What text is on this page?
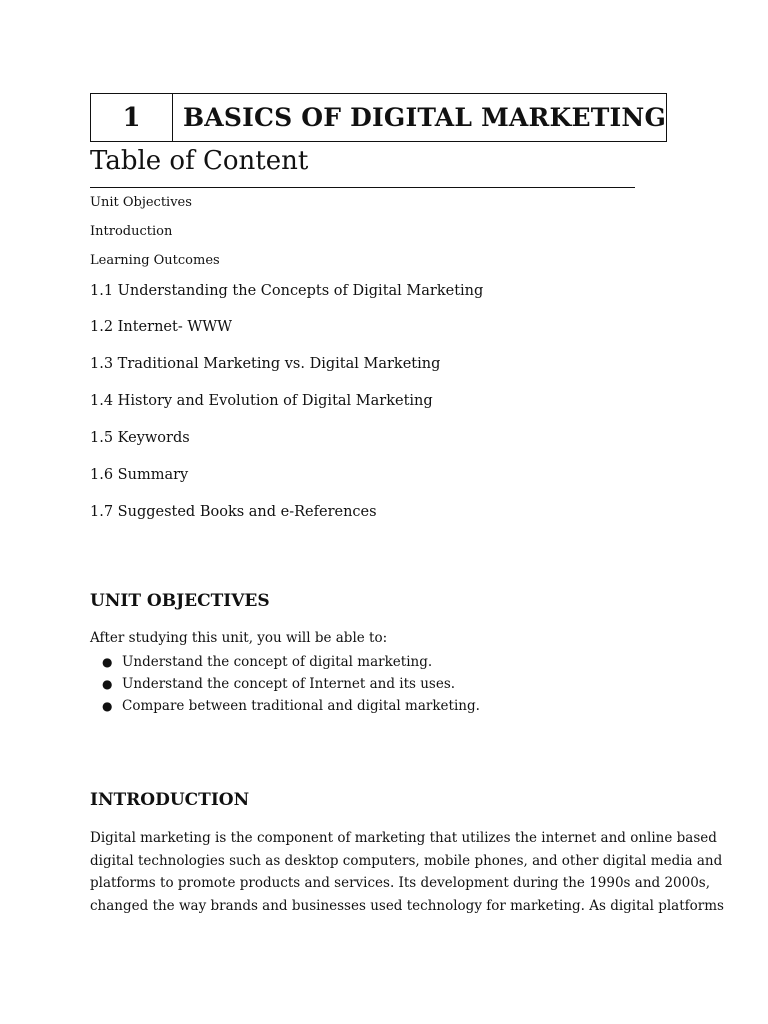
1	BASICS OF DIGITAL MARKETING
Table of Content
Unit Objectives
Introduction
Learning Outcomes
1.1 Understanding the Concepts of Digital Marketing
1.2 Internet- WWW
1.3 Traditional Marketing vs. Digital Marketing
1.4 History and Evolution of Digital Marketing
1.5 Keywords
1.6 Summary
1.7 Suggested Books and e-References
UNIT OBJECTIVES
After studying this unit, you will be able to:
● Understand the concept of digital marketing.
● Understand the concept of Internet and its uses.
● Compare between traditional and digital marketing.
INTRODUCTION
Digital marketing is the component of marketing that utilizes the internet and online based
digital technologies such as desktop computers, mobile phones, and other digital media and
platforms to promote products and services. Its development during the 1990s and 2000s,
changed the way brands and businesses used technology for marketing. As digital platforms
